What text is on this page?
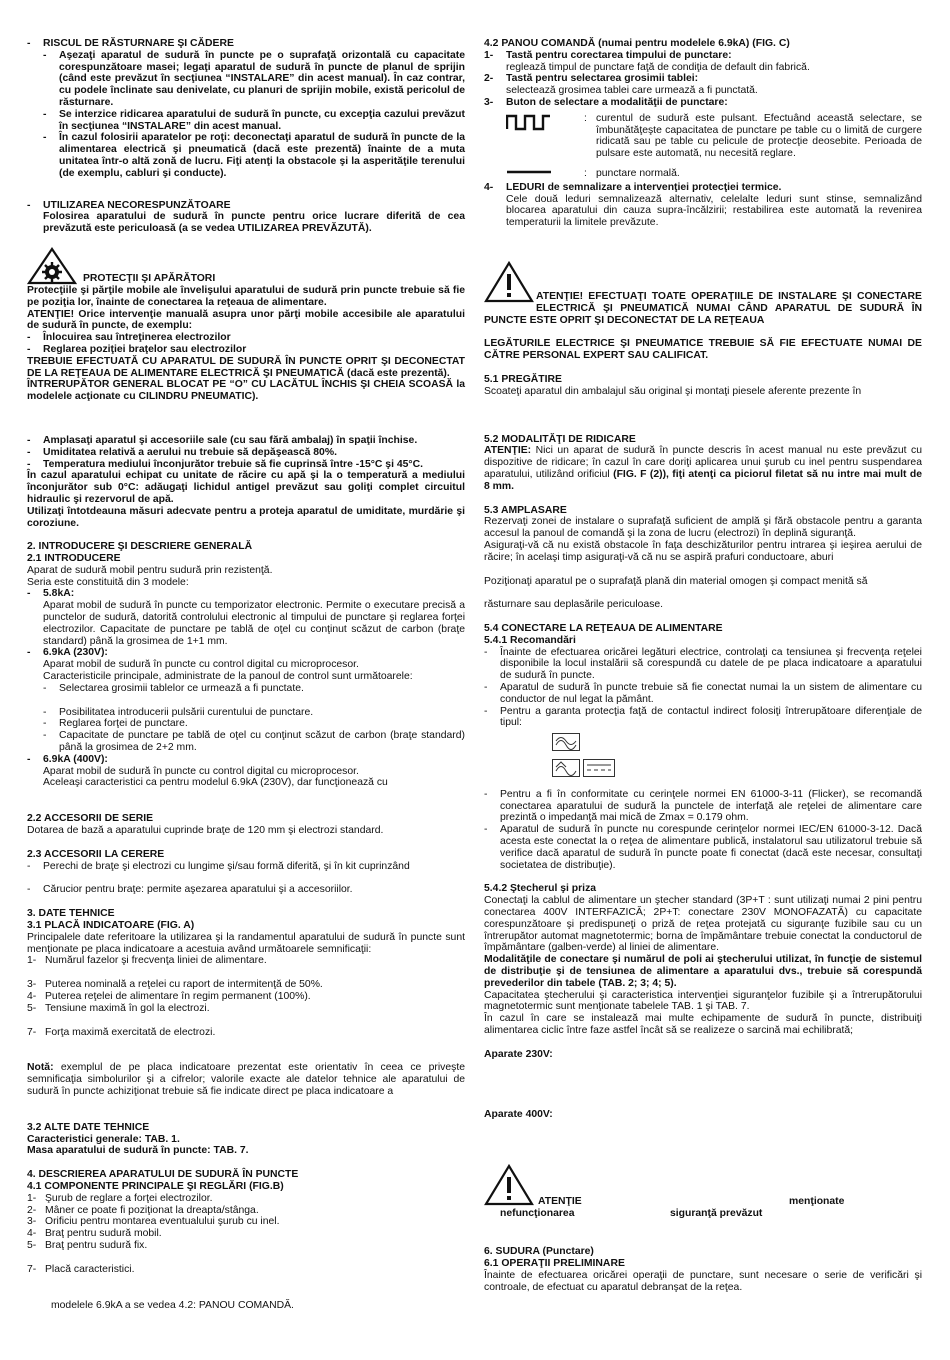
-	RISCUL DE RĂSTURNARE ŞI CĂDERE
-	Aşezaţi aparatul de sudură în puncte pe o suprafaţă orizontală cu capacitate corespunzătoare masei; legaţi aparatul de sudură în puncte de planul de sprijin (când este prevăzut în secţiunea “INSTALARE” din acest manual). În caz contrar, cu podele înclinate sau denivelate, cu planuri de sprijin mobile, există pericolul de răsturnare.

-	Se interzice ridicarea aparatului de sudură în puncte, cu excepţia cazului prevăzut în secţiunea “INSTALARE” din acest manual.

-	În cazul folosirii aparatelor pe roţi: deconectaţi aparatul de sudură în puncte de la alimentarea electrică şi pneumatică (dacă este prezentă) înainte de a muta unitatea într-o altă zonă de lucru. Fiţi atenţi la obstacole şi la asperităţile terenului (de exemplu, cabluri şi conducte).

-	UTILIZAREA NECORESPUNZĂTOARE

Folosirea aparatului de sudură în puncte pentru orice lucrare diferită de cea prevăzută este periculoasă (a se vedea UTILIZAREA PREVĂZUTĂ).

PROTECŢII ŞI APĂRĂTORI

Protecţiile şi părţile mobile ale învelişului aparatului de sudură prin puncte trebuie să fie pe poziţia lor, înainte de conectarea la reţeaua de alimentare.

ATENŢIE! Orice intervenţie manuală asupra unor părţi mobile accesibile ale aparatului de sudură în puncte, de exemplu:

-	Înlocuirea sau întreţinerea electrozilor
-	Reglarea poziţiei braţelor sau electrozilor

TREBUIE EFECTUATĂ CU APARATUL DE SUDURĂ ÎN PUNCTE OPRIT ŞI DECONECTAT DE LA REŢEAUA DE ALIMENTARE ELECTRICĂ ŞI PNEUMATICĂ (dacă este prezentă).

ÎNTRERUPĂTOR GENERAL BLOCAT PE “O” CU LACĂTUL ÎNCHIS ŞI CHEIA SCOASĂ la modelele acţionate cu CILINDRU PNEUMATIC).

-	Amplasaţi aparatul şi accesoriile sale (cu sau fără ambalaj) în spaţii închise.

-	Umiditatea relativă a aerului nu trebuie să depăşească 80%.

-	Temperatura mediului înconjurător trebuie să fie cuprinsă între -15°C şi 45°C.

În cazul aparatului echipat cu unitate de răcire cu apă şi la o temperatură a mediului înconjurător sub 0°C: adăugaţi lichidul antigel prevăzut sau goliţi complet circuitul hidraulic şi rezervorul de apă.

Utilizaţi întotdeauna măsuri adecvate pentru a proteja aparatul de umiditate, murdărie şi coroziune.

2. INTRODUCERE ŞI DESCRIERE GENERALĂ

2.1 INTRODUCERE

Aparat de sudură mobil pentru sudură prin rezistenţă.

Seria este constituită din 3 modele:

-	5.8kA:

Aparat mobil de sudură în puncte cu temporizator electronic. Permite o executare precisă a punctelor de sudură, datorită controlului electronic al timpului de punctare şi reglarea forţei electrozilor. Capacitate de punctare pe tablă de oţel cu conţinut scăzut de carbon (braţe standard) până la grosimea de 1+1 mm.

-	6.9kA (230V):

Aparat mobil de sudură în puncte cu control digital cu microprocesor.

Caracteristicile principale, administrate de la panoul de control sunt următoarele:

-	Selectarea grosimii tablelor ce urmează a fi punctate.

-	Posibilitatea introducerii pulsării curentului de punctare.

-	Reglarea forţei de punctare.

-	Capacitate de punctare pe tablă de oţel cu conţinut scăzut de carbon (braţe standard) până la grosimea de 2+2 mm.

-	6.9kA (400V):

Aparat mobil de sudură în puncte cu control digital cu microprocesor.

Aceleaşi caracteristici ca pentru modelul 6.9kA (230V), dar funcţionează cu

2.2 ACCESORII DE SERIE

Dotarea de bază a aparatului cuprinde braţe de 120 mm şi electrozi standard.

2.3 ACCESORII LA CERERE

-	Perechi de braţe şi electrozi cu lungime şi/sau formă diferită, şi în kit cuprinzând

-	Cărucior pentru braţe: permite aşezarea aparatului şi a accesoriilor.

3. DATE TEHNICE

3.1 PLACĂ INDICATOARE (FIG. A)

Principalele date referitoare la utilizarea şi la randamentul aparatului de sudură în puncte sunt menţionate pe placa indicatoare a acestuia având următoarele semnificaţii:

1- Numărul fazelor şi frecvenţa liniei de alimentare.
3- Puterea nominală a reţelei cu raport de intermitenţă de 50%.
4- Puterea reţelei de alimentare în regim permanent (100%).
5- Tensiune maximă în gol la electrozi.
7- Forţa maximă exercitată de electrozi.

Notă: exemplul de pe placa indicatoare prezentat este orientativ în ceea ce priveşte semnificaţia simbolurilor şi a cifrelor; valorile exacte ale datelor tehnice ale aparatului de sudură în puncte achiziţionat trebuie să fie indicate direct pe placa indicatoare a

3.2 ALTE DATE TEHNICE

Caracteristici generale: TAB. 1.

Masa aparatului de sudură în puncte: TAB. 7.

4. DESCRIEREA APARATULUI DE SUDURĂ ÎN PUNCTE

4.1 COMPONENTE PRINCIPALE ŞI REGLĂRI (FIG.B)

1- Şurub de reglare a forţei electrozilor.
2- Mâner ce poate fi poziţionat la dreapta/stânga.
3- Orificiu pentru montarea eventualului şurub cu inel.
4- Braţ pentru sudură mobil.
5- Braţ pentru sudură fix.
7- Placă caracteristici.

modelele 6.9kA a se vedea 4.2: PANOU COMANDĂ.

4.2 PANOU COMANDĂ (numai pentru modelele 6.9kA) (FIG. C)

1-	Tastă pentru corectarea timpului de punctare:

reglează timpul de punctare faţă de condiţia de default din fabrică.

2-	Tastă pentru selectarea grosimii tablei:

selectează grosimea tablei care urmează a fi punctată.

3-	Buton de selectare a modalităţii de punctare:
: curentul de sudură este pulsant. Efectuând această selectare, se îmbunătăţeşte capacitatea de punctare pe table cu o limită de curgere ridicată sau pe table cu pelicule de protecţie deosebite. Perioada de pulsare este automată, nu necesită reglare.

: punctare normală.

4-	LEDURI de semnalizare a intervenţiei protecţiei termice.

Cele două leduri semnalizează alternativ, celelalte leduri sunt stinse, semnalizând blocarea aparatului din cauza supra-încălzirii; restabilirea este automată la revenirea temperaturii la limitele prevăzute.

ATENŢIE! EFECTUAŢI TOATE OPERAŢIILE DE INSTALARE ŞI CONECTARE ELECTRICĂ ŞI PNEUMATICĂ NUMAI CÂND APARATUL DE SUDURĂ ÎN PUNCTE ESTE OPRIT ŞI DECONECTAT DE LA REŢEAUA

LEGĂTURILE ELECTRICE ŞI PNEUMATICE TREBUIE SĂ FIE EFECTUATE NUMAI DE CĂTRE PERSONAL EXPERT SAU CALIFICAT.

5.1 PREGĂTIRE

Scoateţi aparatul din ambalajul său original şi montaţi piesele aferente prezente în

5.2 MODALITĂŢI DE RIDICARE

ATENŢIE: Nici un aparat de sudură în puncte descris în acest manual nu este prevăzut cu dispozitive de ridicare; în cazul în care doriţi aplicarea unui şurub cu inel pentru suspendarea aparatului, utilizând orificiul (FIG. F (2)), fiţi atenţi ca piciorul filetat să nu intre mai mult de 8 mm.

5.3 AMPLASARE

Rezervaţi zonei de instalare o suprafaţă suficient de amplă şi fără obstacole pentru a garanta accesul la panoul de comandă şi la zona de lucru (electrozi) în deplină siguranţă.

Asiguraţi-vă că nu există obstacole în faţa deschizăturilor pentru intrarea şi ieşirea aerului de răcire; în acelaşi timp asiguraţi-vă că nu se aspiră prafuri conductoare, aburi

Poziţionaţi aparatul pe o suprafaţă plană din material omogen şi compact menită să

răsturnare sau deplasările periculoase.

5.4 CONECTARE LA REŢEAUA DE ALIMENTARE

5.4.1 Recomandări

-	Înainte de efectuarea oricărei legături electrice, controlaţi ca tensiunea şi frecvenţa reţelei disponibile la locul instalării să corespundă cu datele de pe placa indicatoare a aparatului de sudură în puncte.

-	Aparatul de sudură în puncte trebuie să fie conectat numai la un sistem de alimentare cu conductor de nul legat la pământ.

-	Pentru a garanta protecţia faţă de contactul indirect folosiţi întrerupătoare diferenţiale de tipul:

-	Pentru a fi în conformitate cu cerinţele normei EN 61000-3-11 (Flicker), se recomandă conectarea aparatului de sudură la punctele de interfaţă ale reţelei de alimentare care prezintă o impedanţă mai mică de Zmax = 0.179 ohm.

-	Aparatul de sudură în puncte nu corespunde cerinţelor normei IEC/EN 61000-3-12. Dacă acesta este conectat la o reţea de alimentare publică, instalatorul sau utilizatorul trebuie să verifice dacă aparatul de sudură în puncte poate fi conectat (dacă este necesar, consultaţi societatea de distribuţie).

5.4.2 Ştecherul şi priza

Conectaţi la cablul de alimentare un ştecher standard (3P+T : sunt utilizaţi numai 2 pini pentru conectarea 400V INTERFAZICĂ; 2P+T: conectare 230V MONOFAZATĂ) cu capacitate corespunzătoare şi predispuneţi o priză de reţea protejată cu siguranţe fuzibile sau cu un întrerupător automat magnetotermic; borna de împământare trebuie conectat la conductorul de împământare (galben-verde) al liniei de alimentare.

Modalităţile de conectare şi numărul de poli ai ştecherului utilizat, în funcţie de sistemul de distribuţie şi de tensiunea de alimentare a aparatului dvs., trebuie să corespundă prevederilor din tabele (TAB. 2; 3; 4; 5).

Capacitatea ştecherului şi caracteristica intervenţiei siguranţelor fuzibile şi a întrerupătorului magnetotermic sunt menţionate tabelele TAB. 1 şi TAB. 7.

În cazul în care se instalează mai multe echipamente de sudură în puncte, distribuiţi alimentarea ciclic între faze astfel încât să se realizeze o sarcină mai echilibrată;

Aparate 230V:

Aparate 400V:

ATENŢIE	menţionate
nefuncţionarea	siguranţă prevăzut

6. SUDURA (Punctare)

6.1 OPERAŢII PRELIMINARE

Înainte de efectuarea oricărei operaţii de punctare, sunt necesare o serie de verificări şi controale, de efectuat cu aparatul debranşat de la reţea.
